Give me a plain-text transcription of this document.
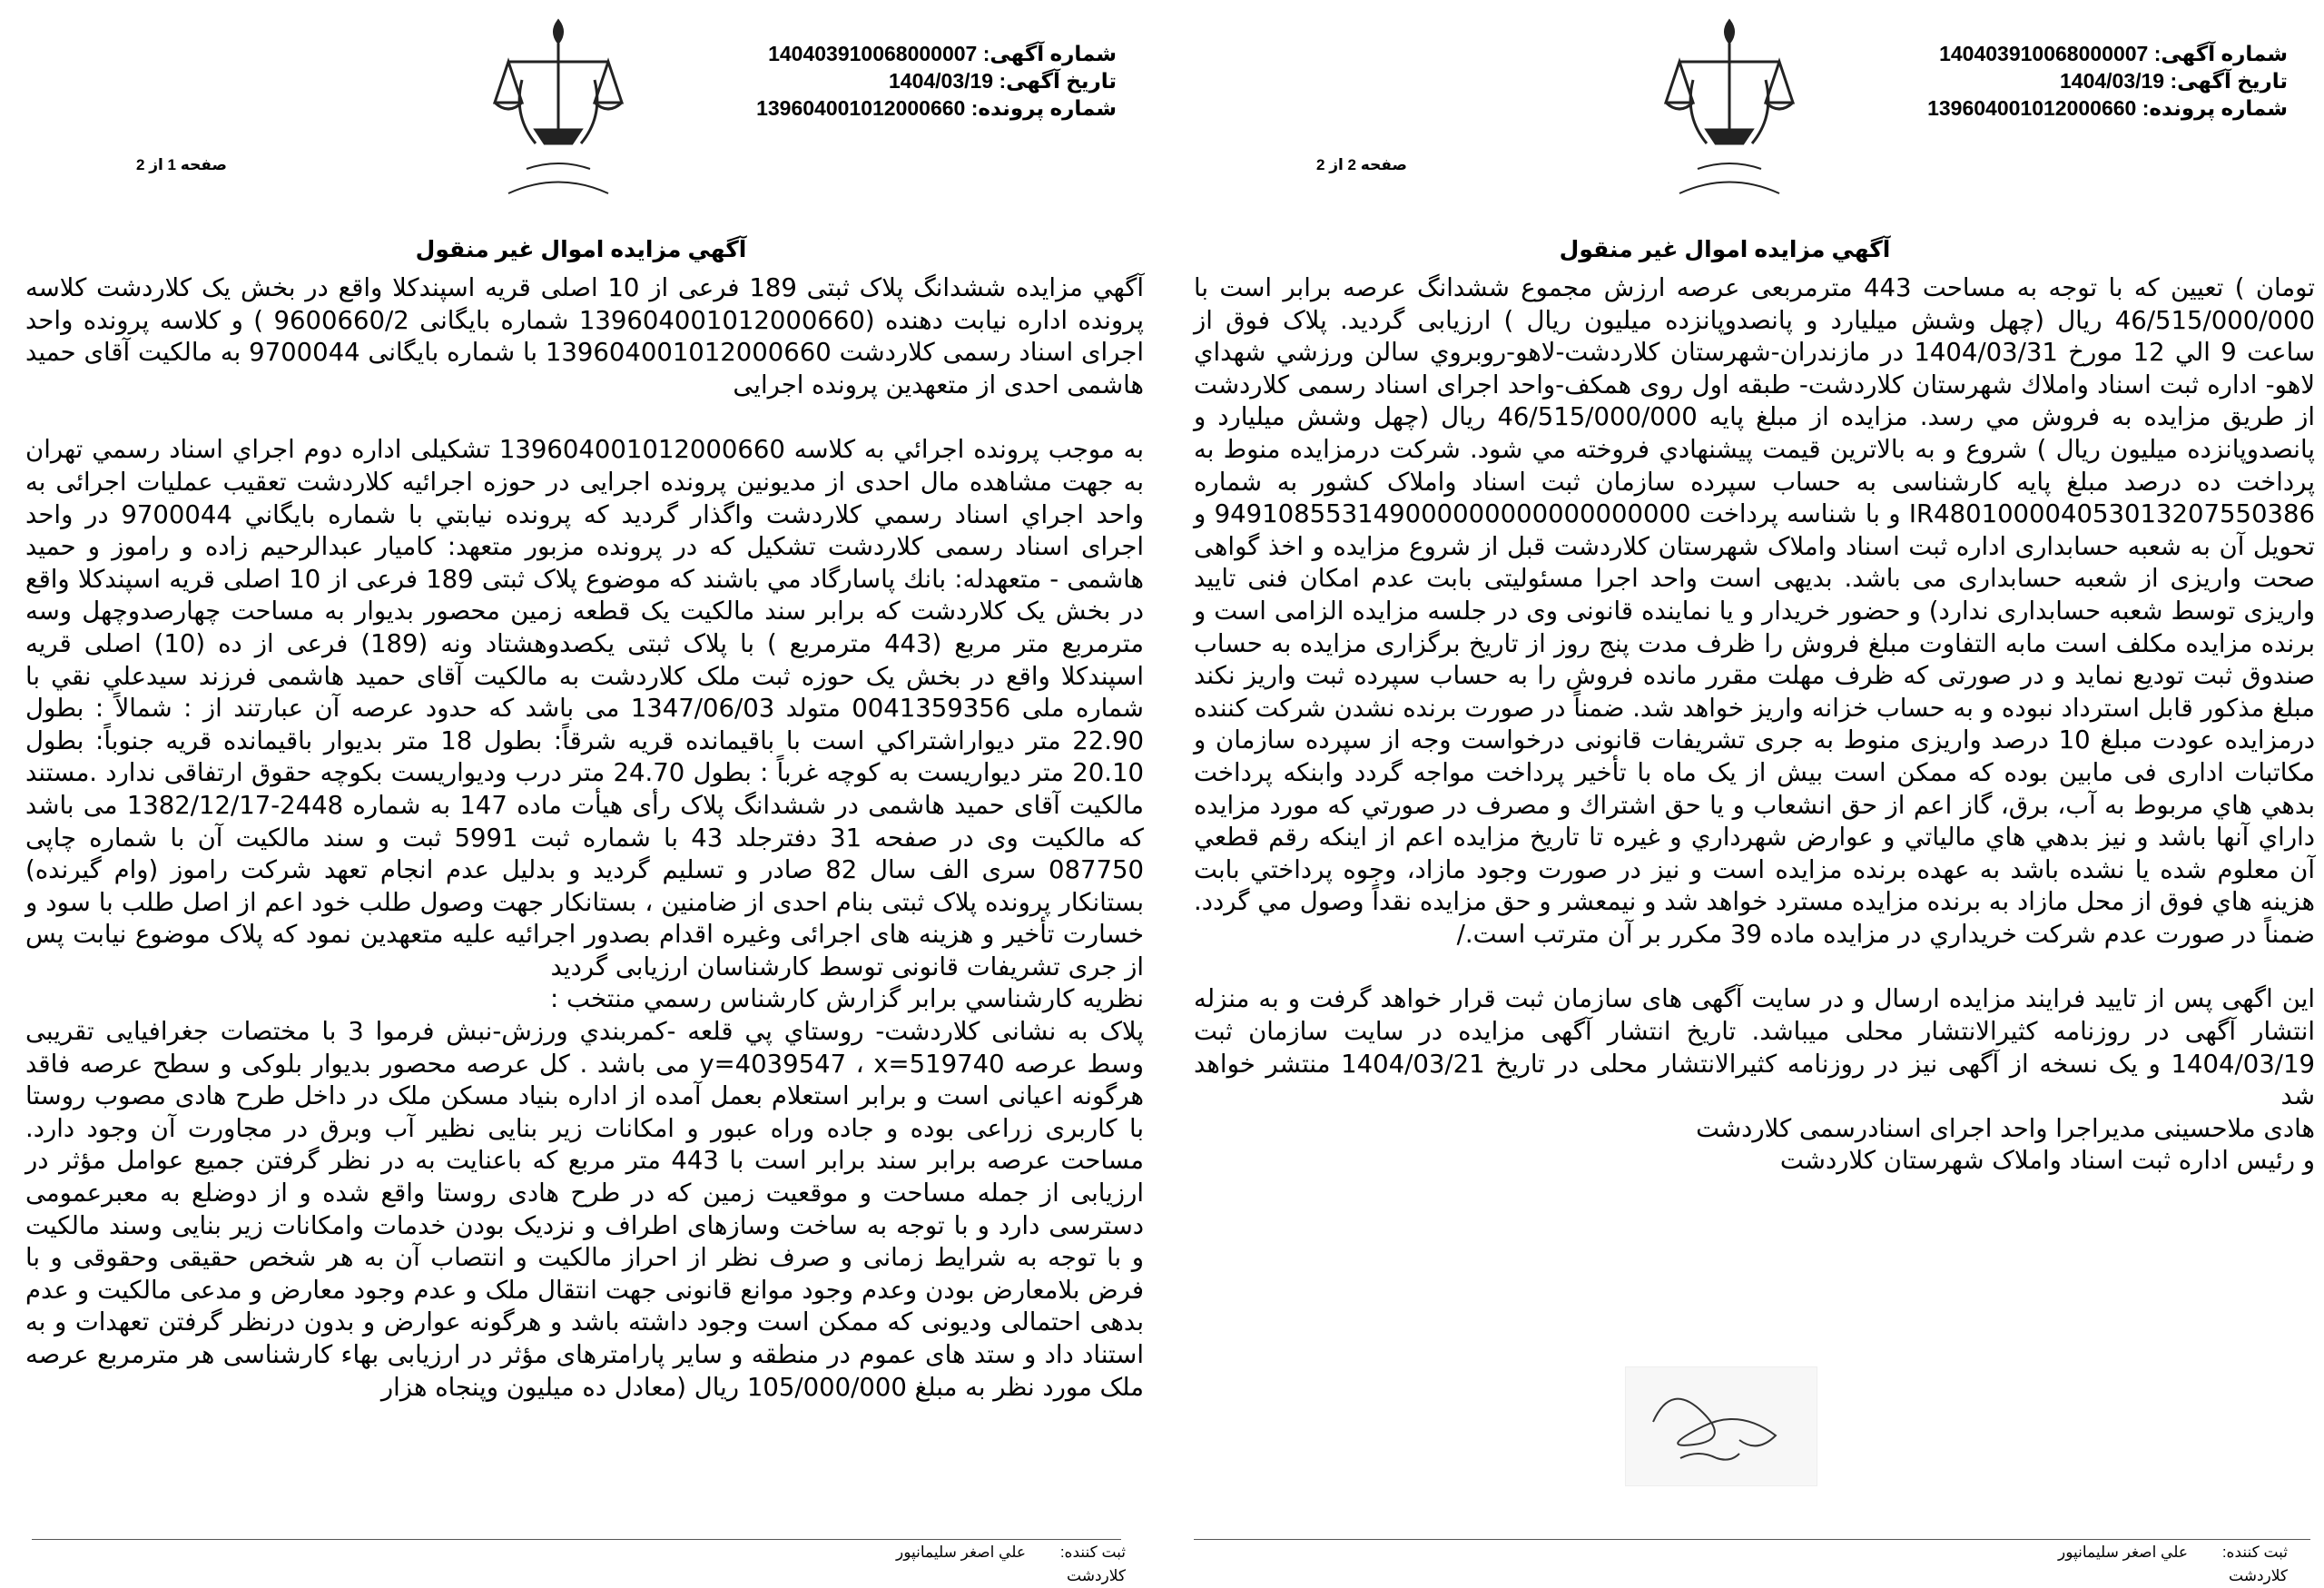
شماره آگهی: 140403910068000007
تاریخ آگهی: 1404/03/19
شماره پرونده: 139604001012000660
صفحه 2 از 2
آگهي مزايده اموال غير منقول

تومان ) تعیین که با توجه به مساحت 443 مترمربعی عرصه ارزش مجموع ششدانگ عرصه برابر است با 46/515/000/000 ريال (چهل وشش ميليارد و پانصدوپانزده ميليون ريال ) ارزیابی گردید. پلاک فوق از ساعت 9 الي 12 مورخ 1404/03/31 در مازندران-شهرستان كلاردشت-لاهو-روبروي سالن ورزشي شهداي لاهو- اداره ثبت اسناد واملاك شهرستان كلاردشت- طبقه اول روى همكف-واحد اجراى اسناد رسمى كلاردشت از طريق مزايده به فروش مي رسد. مزايده از مبلغ پايه 46/515/000/000 ريال (چهل وشش ميليارد و پانصدوپانزده ميليون ريال ) شروع و به بالاترين قيمت پيشنهادي فروخته مي شود. شرکت درمزایده منوط به پرداخت ده درصد مبلغ پایه کارشناسی به حساب سپرده سازمان ثبت اسناد واملاک کشور به شماره IR480100004053013207550386 و با شناسه پرداخت 949108553149000000000000000000 و تحویل آن به شعبه حسابداری اداره ثبت اسناد واملاک شهرستان کلاردشت قبل از شروع مزایده و اخذ گواهی صحت واریزی از شعبه حسابداری می باشد. بدیهی است واحد اجرا مسئولیتی بابت عدم امکان فنی تایید واریزی توسط شعبه حسابداری ندارد) و حضور خریدار و یا نماینده قانونی وی در جلسه مزایده الزامی است و برنده مزایده مكلف است مابه التفاوت مبلغ فروش را ظرف مدت پنج روز از تاريخ برگزاری مزايده به حساب صندوق ثبت توديع نمايد و در صورتی که ظرف مهلت مقرر مانده فروش را به حساب سپرده ثبت واریز نکند مبلغ مذکور قابل استرداد نبوده و به حساب خزانه واریز خواهد شد. ضمناً در صورت برنده نشدن شرکت کننده درمزایده عودت مبلغ 10 درصد واریزی منوط به جری تشریفات قانونی درخواست وجه از سپرده سازمان و مکاتبات اداری فی مابین بوده که ممکن است بیش از یک ماه با تأخیر پرداخت مواجه گردد وابنكه پرداخت بدهي هاي مربوط به آب، برق، گاز اعم از حق انشعاب و يا حق اشتراك و مصرف در صورتي كه مورد مزايده داراي آنها باشد و نيز بدهي هاي مالياتي و عوارض شهرداري و غيره تا تاريخ مزايده اعم از اينكه رقم قطعي آن معلوم شده يا نشده باشد به عهده برنده مزايده است و نيز در صورت وجود مازاد، وجوه پرداختي بابت هزينه هاي فوق از محل مازاد به برنده مزايده مسترد خواهد شد و نیمعشر و حق مزایده نقداً وصول مي گردد. ضمناً در صورت عدم شركت خريداري در مزايده ماده 39 مكرر بر آن مترتب است./

این اگهی پس از تایید فرایند مزایده ارسال و در سایت آگهی های سازمان ثبت قرار خواهد گرفت و به منزله انتشار آگهی در روزنامه کثیرالانتشار محلی میباشد. تاریخ انتشار آگهی مزایده در سایت سازمان ثبت 1404/03/19 و یک نسخه از آگهی نیز در روزنامه کثیرالانتشار محلی در تاریخ 1404/03/21 منتشر خواهد شد

هادی ملاحسینی مدیراجرا واحد اجرای اسنادرسمی کلاردشت

و رئیس اداره ثبت اسناد واملاک شهرستان کلاردشت

ثبت کننده:
علي اصغر سليمانپور
كلاردشت
شماره آگهی: 140403910068000007
تاریخ آگهی: 1404/03/19
شماره پرونده: 139604001012000660
صفحه 1 از 2
آگهي مزايده اموال غير منقول

آگهي مزايده ششدانگ پلاک ثبتی 189 فرعی از 10 اصلی قریه اسپندکلا واقع در بخش یک کلاردشت کلاسه پرونده اداره نیابت دهنده (139604001012000660 شماره بایگانی 9600660/2 ) و کلاسه پرونده واحد اجرای اسناد رسمی کلاردشت 139604001012000660 با شماره بایگانی 9700044 به مالکیت آقای حمید هاشمی احدی از متعهدین پرونده اجرایی

به موجب پرونده اجرائي به كلاسه 139604001012000660 تشکیلی اداره دوم اجراي اسناد رسمي تهران به جهت مشاهده مال احدی از مدیونین پرونده اجرایی در حوزه اجرائیه کلاردشت تعقیب عملیات اجرائی به واحد اجراي اسناد رسمي كلاردشت واگذار گرديد كه پرونده نيابتي با شماره بايگاني 9700044 در واحد اجرای اسناد رسمی کلاردشت تشکیل که در پرونده مزبور متعهد: کامیار عبدالرحیم زاده و راموز و حمید هاشمی - متعهدله: بانك پاسارگاد مي باشند كه موضوع پلاک ثبتی 189 فرعی از 10 اصلی قریه اسپندکلا واقع در بخش یک کلاردشت که برابر سند مالکیت یک قطعه زمین محصور بدیوار به مساحت چهارصدوچهل وسه مترمربع متر مربع (443 مترمربع ) با پلاک ثبتی یکصدوهشتاد ونه (189) فرعی از ده (10) اصلی قریه اسپندکلا واقع در بخش یک حوزه ثبت ملک کلاردشت به مالکیت آقای حمید هاشمی فرزند سیدعلي نقي با شماره ملی 0041359356 متولد 1347/06/03 می باشد که حدود عرصه آن عبارتند از : شمالاً : بطول 22.90 متر ديواراشتراكي است با باقیمانده قریه شرقاً: بطول 18 متر بديوار باقیمانده قریه جنوباً: بطول 20.10 متر ديواريست به كوچه غرباً : بطول 24.70 متر درب وديواريست بكوچه حقوق ارتفاقی ندارد .مستند مالکیت آقای حمید هاشمی در ششدانگ پلاک رأی هیأت ماده 147 به شماره 2448-1382/12/17 می باشد که مالکیت وی در صفحه 31 دفترجلد 43 با شماره ثبت 5991 ثبت و سند مالکیت آن با شماره چاپی 087750 سری الف سال 82 صادر و تسلیم گردید و بدلیل عدم انجام تعهد شرکت راموز (وام گیرنده) بستانکار پرونده پلاک ثبتی بنام احدی از ضامنین ، بستانکار جهت وصول طلب خود اعم از اصل طلب با سود و خسارت تأخیر و هزینه های اجرائی وغیره اقدام بصدور اجرائیه علیه متعهدین نمود که پلاک موضوع نیابت پس از جری تشریفات قانونی توسط کارشناسان ارزیابی گردید

نظريه كارشناسي برابر گزارش كارشناس رسمي منتخب :

پلاک به نشانی کلاردشت- روستاي پي قلعه -كمربندي ورزش-نبش فرموا 3 با مختصات جغرافیایی تقریبی وسط عرصه y=4039547 ، x=519740 می باشد . کل عرصه محصور بدیوار بلوکی و سطح عرصه فاقد هرگونه اعیانی است و برابر استعلام بعمل آمده از اداره بنیاد مسکن ملک در داخل طرح هادی مصوب روستا با کاربری زراعی بوده و جاده وراه عبور و امکانات زیر بنایی نظیر آب وبرق در مجاورت آن وجود دارد. مساحت عرصه برابر سند برابر است با 443 متر مربع که باعنایت به در نظر گرفتن جمیع عوامل مؤثر در ارزیابی از جمله مساحت و موقعیت زمین که در طرح هادی روستا واقع شده و از دوضلع به معبرعمومی دسترسی دارد و با توجه به ساخت وسازهای اطراف و نزدیک بودن خدمات وامکانات زیر بنایی وسند مالکیت و با توجه به شرایط زمانی و صرف نظر از احراز مالکیت و انتصاب آن به هر شخص حقیقی وحقوقی و با فرض بلامعارض بودن وعدم وجود موانع قانونی جهت انتقال ملک و عدم وجود معارض و مدعی مالکیت و عدم بدهی احتمالی ودیونی که ممکن است وجود داشته باشد و هرگونه عوارض و بدون درنظر گرفتن تعهدات و به استناد داد و ستد های عموم در منطقه و سایر پارامترهای مؤثر در ارزیابی بهاء کارشناسی هر مترمربع عرصه ملک مورد نظر به مبلغ 105/000/000 ريال (معادل ده میلیون وپنجاه هزار

ثبت کننده:
علي اصغر سليمانپور
كلاردشت
